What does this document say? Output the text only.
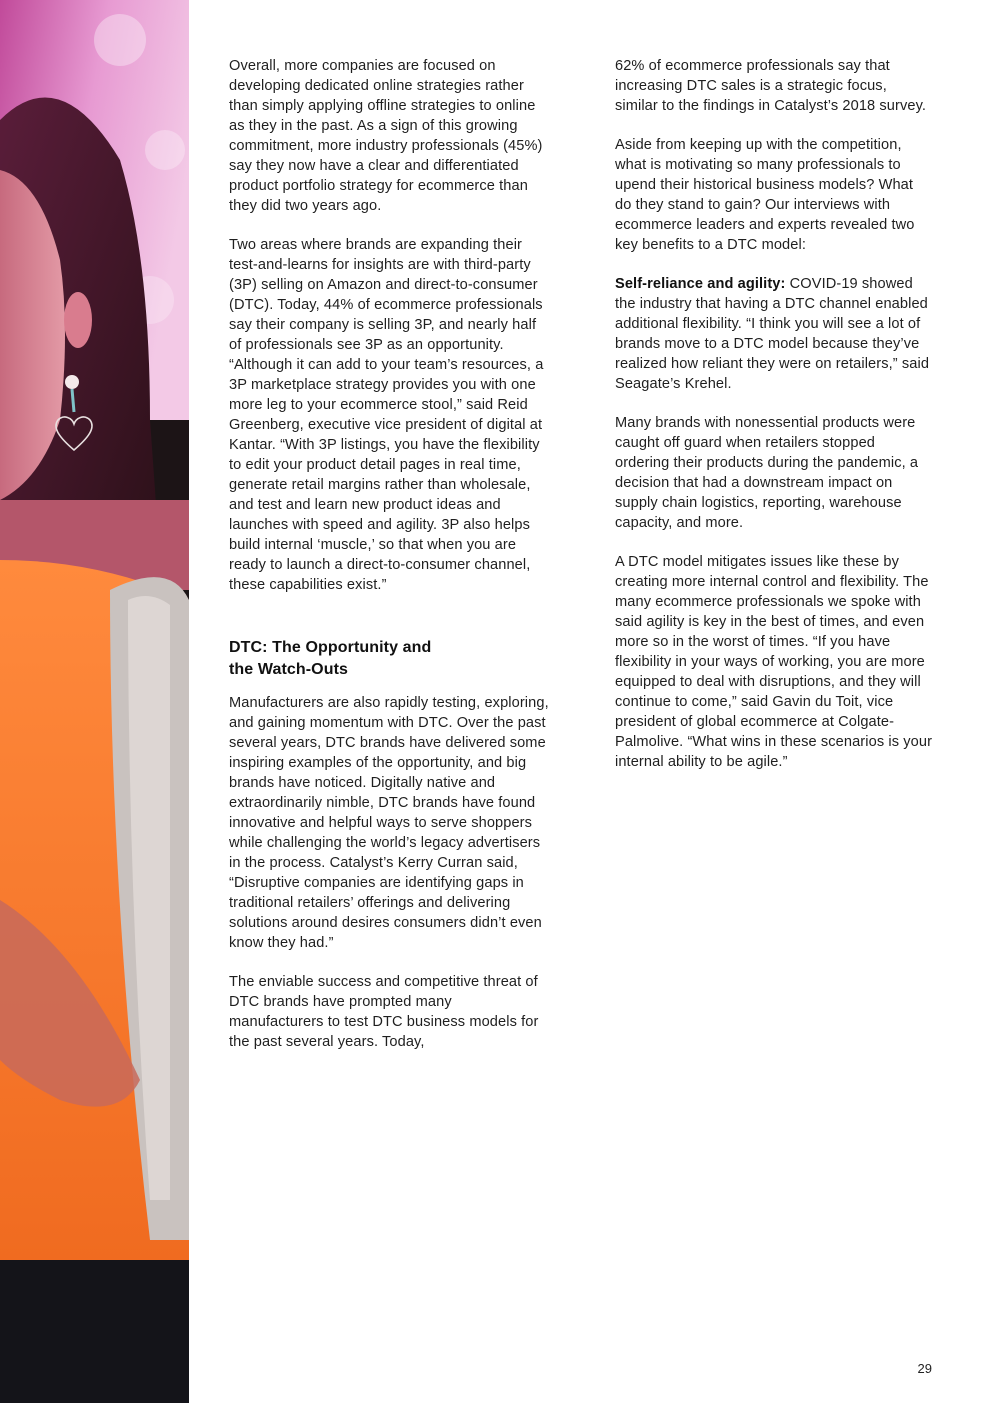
Overall, more companies are focused on developing dedicated online strategies rather than simply applying offline strategies to online as they in the past. As a sign of this growing commitment, more industry professionals (45%) say they now have a clear and differentiated product portfolio strategy for ecommerce than they did two years ago.

Two areas where brands are expanding their test-and-learns for insights are with third-party (3P) selling on Amazon and direct-to-consumer (DTC). Today, 44% of ecommerce professionals say their company is selling 3P, and nearly half of professionals see 3P as an opportunity. “Although it can add to your team’s resources, a 3P marketplace strategy provides you with one more leg to your ecommerce stool,” said Reid Greenberg, executive vice president of digital at Kantar. “With 3P listings, you have the flexibility to edit your product detail pages in real time, generate retail margins rather than wholesale, and test and learn new product ideas and launches with speed and agility. 3P also helps build internal ‘muscle,’ so that when you are ready to launch a direct-to-consumer channel, these capabilities exist.”

DTC: The Opportunity and
the Watch-Outs

Manufacturers are also rapidly testing, exploring, and gaining momentum with DTC. Over the past several years, DTC brands have delivered some inspiring examples of the opportunity, and big brands have noticed. Digitally native and extraordinarily nimble, DTC brands have found innovative and helpful ways to serve shoppers while challenging the world’s legacy advertisers in the process. Catalyst’s Kerry Curran said, “Disruptive companies are identifying gaps in traditional retailers’ offerings and delivering solutions around desires consumers didn’t even know they had.”

The enviable success and competitive threat of DTC brands have prompted many manufacturers to test DTC business models for the past several years. Today,

62% of ecommerce professionals say that increasing DTC sales is a strategic focus, similar to the findings in Catalyst’s 2018 survey.

Aside from keeping up with the competition, what is motivating so many professionals to upend their historical business models? What do they stand to gain? Our interviews with ecommerce leaders and experts revealed two key benefits to a DTC model:

Self-reliance and agility: COVID-19 showed the industry that having a DTC channel enabled additional flexibility. “I think you will see a lot of brands move to a DTC model because they’ve realized how reliant they were on retailers,” said Seagate’s Krehel.

Many brands with nonessential products were caught off guard when retailers stopped ordering their products during the pandemic, a decision that had a downstream impact on supply chain logistics, reporting, warehouse capacity, and more.

A DTC model mitigates issues like these by creating more internal control and flexibility. The many ecommerce professionals we spoke with said agility is key in the best of times, and even more so in the worst of times. “If you have flexibility in your ways of working, you are more equipped to deal with disruptions, and they will continue to come,” said Gavin du Toit, vice president of global ecommerce at Colgate-Palmolive. “What wins in these scenarios is your internal ability to be agile.”

29
